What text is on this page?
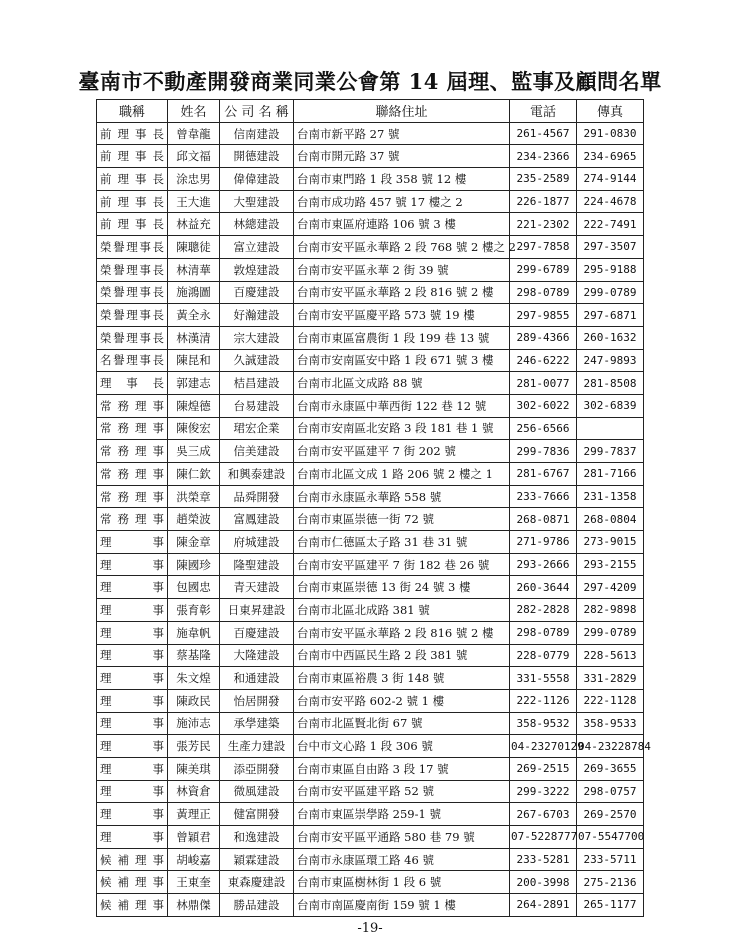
臺南市不動產開發商業同業公會第 14 屆理、監事及顧問名單
職稱	姓名	公 司 名 稱	聯絡住址	電話	傳真
前理事長	曾韋龍	信南建設	台南市新平路 27 號	261-4567	291-0830
前理事長	邱文福	開德建設	台南市開元路 37 號	234-2366	234-6965
前理事長	涂忠男	偉偉建設	台南市東門路 1 段 358 號 12 樓	235-2589	274-9144
前理事長	王大進	大聖建設	台南市成功路 457 號 17 樓之 2	226-1877	224-4678
前理事長	林益充	林總建設	台南市東區府連路 106 號 3 樓	221-2302	222-7491
榮譽理事長	陳聰徒	富立建設	台南市安平區永華路 2 段 768 號 2 樓之 2	297-7858	297-3507
榮譽理事長	林清華	敦煌建設	台南市安平區永華 2 街 39 號	299-6789	295-9188
榮譽理事長	施鴻圖	百慶建設	台南市安平區永華路 2 段 816 號 2 樓	298-0789	299-0789
榮譽理事長	黃全永	好瀚建設	台南市安平區慶平路 573 號 19 樓	297-9855	297-6871
榮譽理事長	林漢清	宗大建設	台南市東區富農街 1 段 199 巷 13 號	289-4366	260-1632
名譽理事長	陳昆和	久誠建設	台南市安南區安中路 1 段 671 號 3 樓	246-6222	247-9893
理事長	郭建志	桔昌建設	台南市北區文成路 88 號	281-0077	281-8508
常務理事	陳煌德	台易建設	台南市永康區中華西街 122 巷 12 號	302-6022	302-6839
常務理事	陳俊宏	珺宏企業	台南市安南區北安路 3 段 181 巷 1 號	256-6566	
常務理事	吳三成	信美建設	台南市安平區建平 7 街 202 號	299-7836	299-7837
常務理事	陳仁欽	和興泰建設	台南市北區文成 1 路 206 號 2 樓之 1	281-6767	281-7166
常務理事	洪榮章	品舜開發	台南市永康區永華路 558 號	233-7666	231-1358
常務理事	趙榮波	富鳳建設	台南市東區崇德一街 72 號	268-0871	268-0804
理事	陳金章	府城建設	台南市仁德區太子路 31 巷 31 號	271-9786	273-9015
理事	陳國珍	隆聖建設	台南市安平區建平 7 街 182 巷 26 號	293-2666	293-2155
理事	包國忠	青天建設	台南市東區崇德 13 街 24 號 3 樓	260-3644	297-4209
理事	張育彰	日東昇建設	台南市北區北成路 381 號	282-2828	282-9898
理事	施韋帆	百慶建設	台南市安平區永華路 2 段 816 號 2 樓	298-0789	299-0789
理事	蔡基隆	大隆建設	台南市中西區民生路 2 段 381 號	228-0779	228-5613
理事	朱文煌	和通建設	台南市東區裕農 3 街 148 號	331-5558	331-2829
理事	陳政民	怡居開發	台南市安平路 602-2 號 1 樓	222-1126	222-1128
理事	施沛志	承學建築	台南市北區賢北街 67 號	358-9532	358-9533
理事	張芳民	生產力建設	台中市文心路 1 段 306 號	04-23270129	04-23228784
理事	陳美琪	添亞開發	台南市東區自由路 3 段 17 號	269-2515	269-3655
理事	林資倉	微風建設	台南市安平區建平路 52 號	299-3222	298-0757
理事	黃理正	健富開發	台南市東區崇學路 259-1 號	267-6703	269-2570
理事	曾穎君	和逸建設	台南市安平區平通路 580 巷 79 號	07-5228777	07-5547700
候補理事	胡峻嘉	穎霖建設	台南市永康區環工路 46 號	233-5281	233-5711
候補理事	王東奎	東森慶建設	台南市東區樹林街 1 段 6 號	200-3998	275-2136
候補理事	林鼎傑	勝品建設	台南市南區慶南街 159 號 1 樓	264-2891	265-1177
-19-
